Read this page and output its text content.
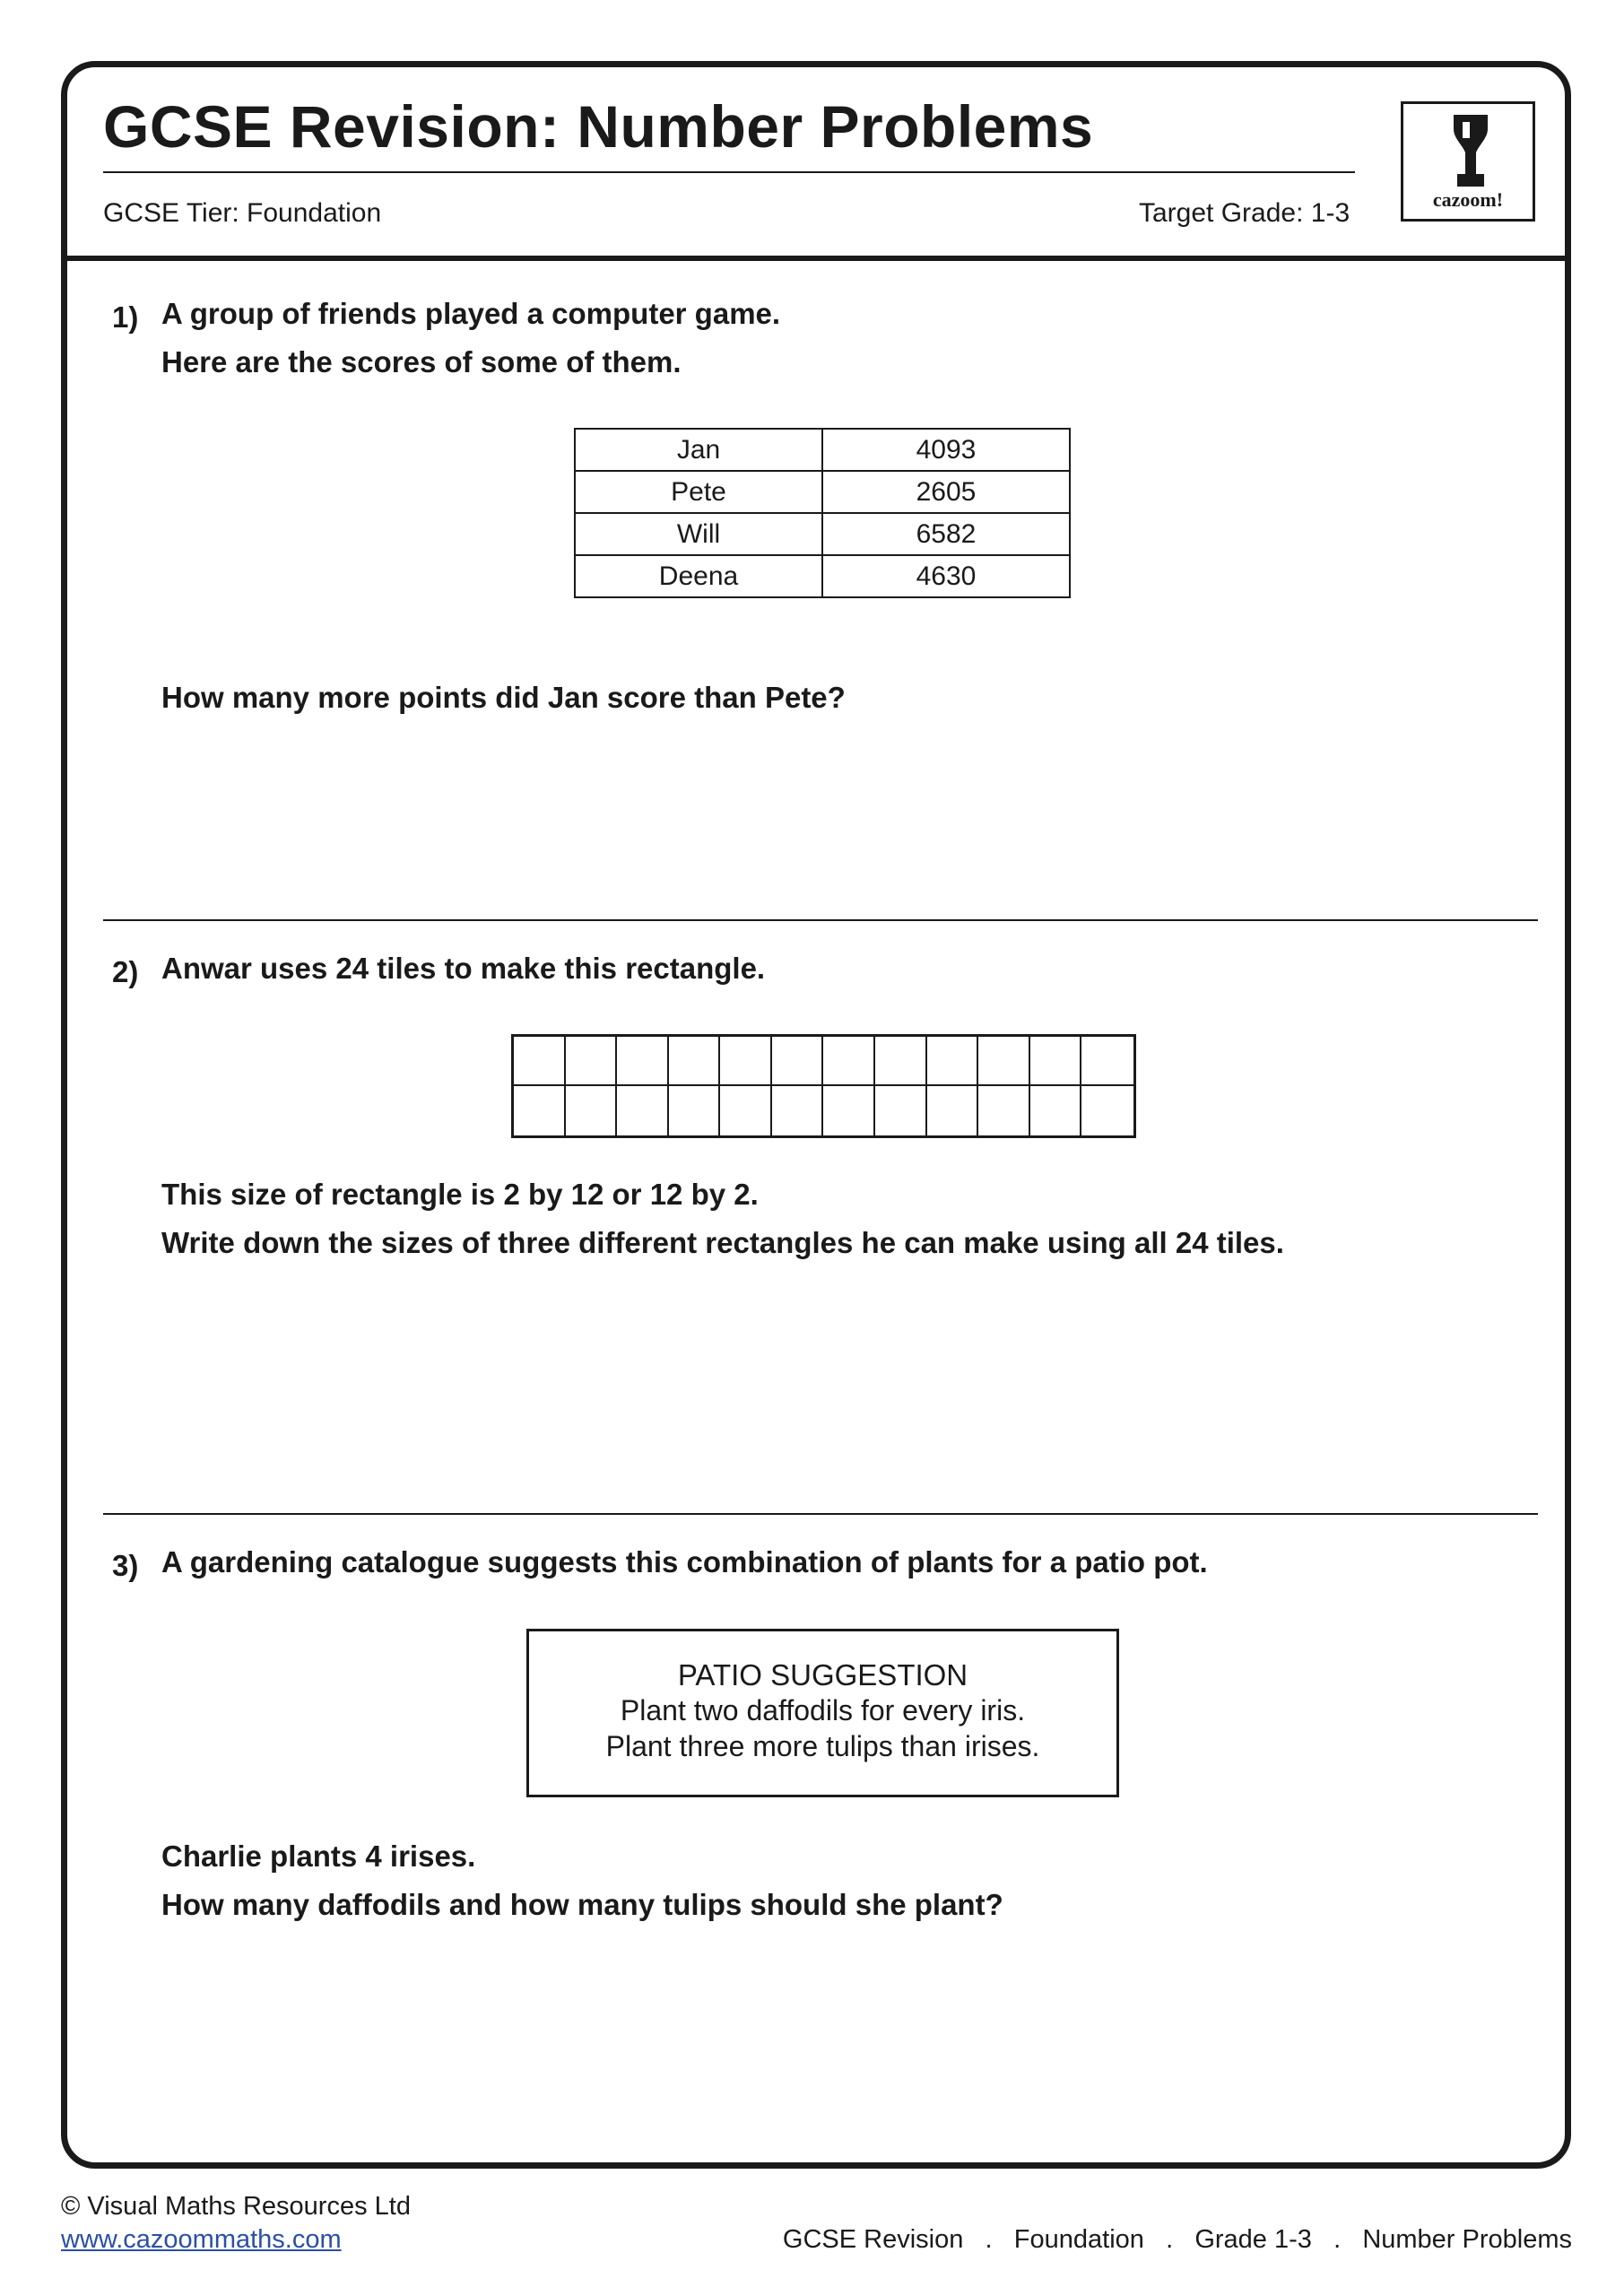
GCSE Revision: Number Problems
GCSE Tier: Foundation	Target Grade: 1-3	cazoom!
1) A group of friends played a computer game.
Here are the scores of some of them.
Jan	4093
Pete	2605
Will	6582
Deena	4630
How many more points did Jan score than Pete?
2) Anwar uses 24 tiles to make this rectangle.
This size of rectangle is 2 by 12 or 12 by 2.
Write down the sizes of three different rectangles he can make using all 24 tiles.
3) A gardening catalogue suggests this combination of plants for a patio pot.
PATIO SUGGESTION
Plant two daffodils for every iris.
Plant three more tulips than irises.
Charlie plants 4 irises.
How many daffodils and how many tulips should she plant?
© Visual Maths Resources Ltd
www.cazoommaths.com	GCSE Revision   .   Foundation   .   Grade 1-3   .   Number Problems
